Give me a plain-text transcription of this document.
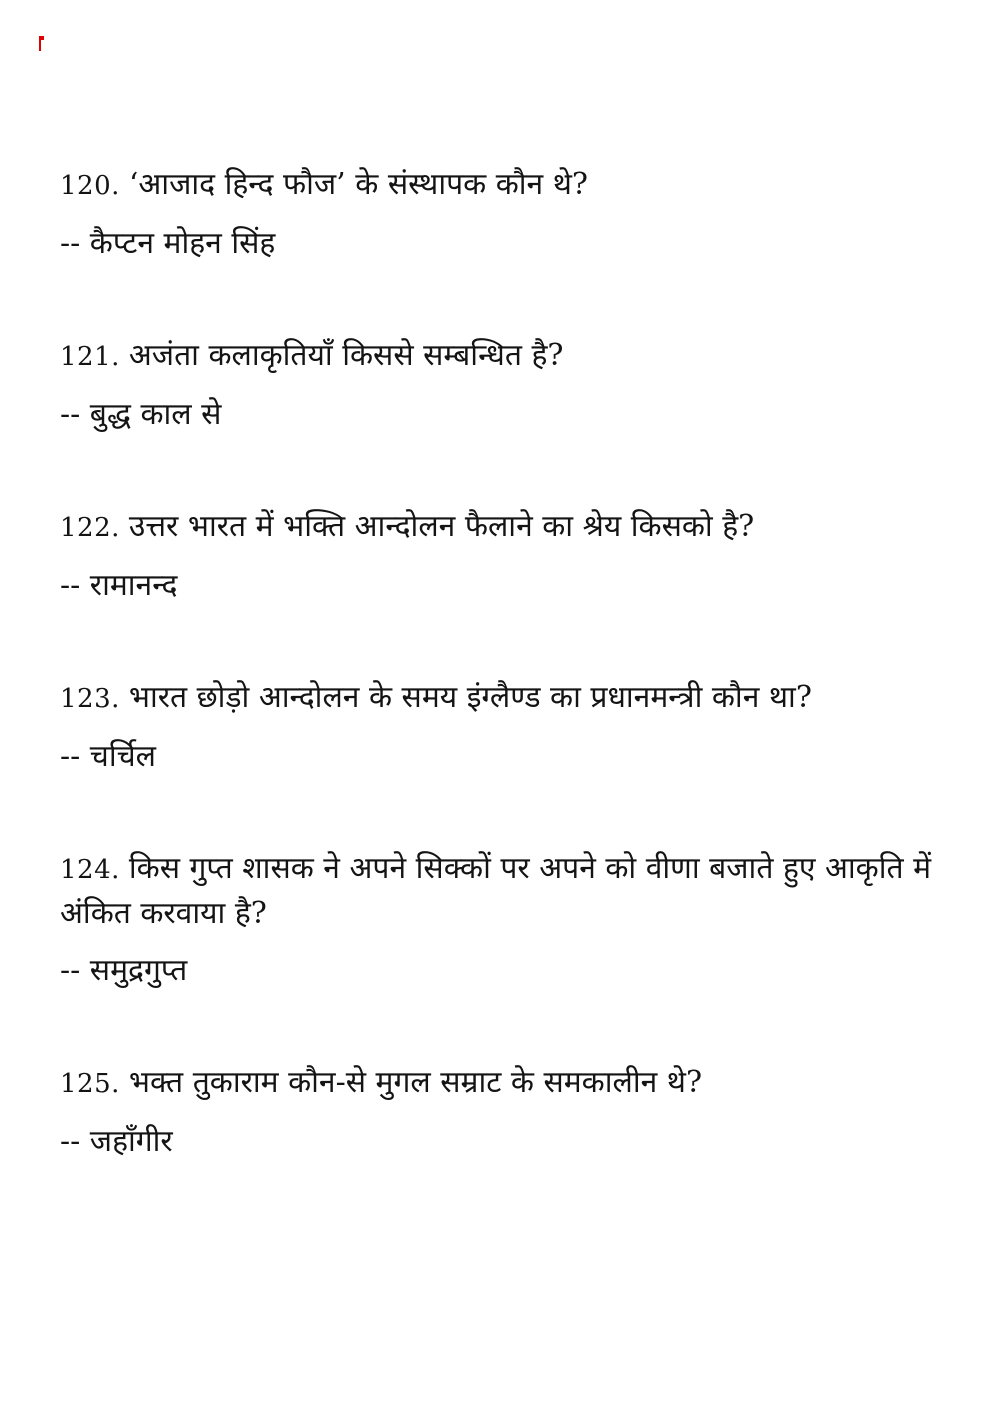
120. ‘आजाद हिन्द फौज’ के संस्थापक कौन थे?

-- कैप्टन मोहन सिंह

121. अजंता कलाकृतियाँ किससे सम्बन्धित है?

-- बुद्ध काल से

122. उत्तर भारत में भक्ति आन्दोलन फैलाने का श्रेय किसको है?

-- रामानन्द

123. भारत छोड़ो आन्दोलन के समय इंग्लैण्ड का प्रधानमन्त्री कौन था?

-- चर्चिल

124. किस गुप्त शासक ने अपने सिक्कों पर अपने को वीणा बजाते हुए आकृति में अंकित करवाया है?

-- समुद्रगुप्त

125. भक्त तुकाराम कौन-से मुगल सम्राट के समकालीन थे?

-- जहाँगीर
